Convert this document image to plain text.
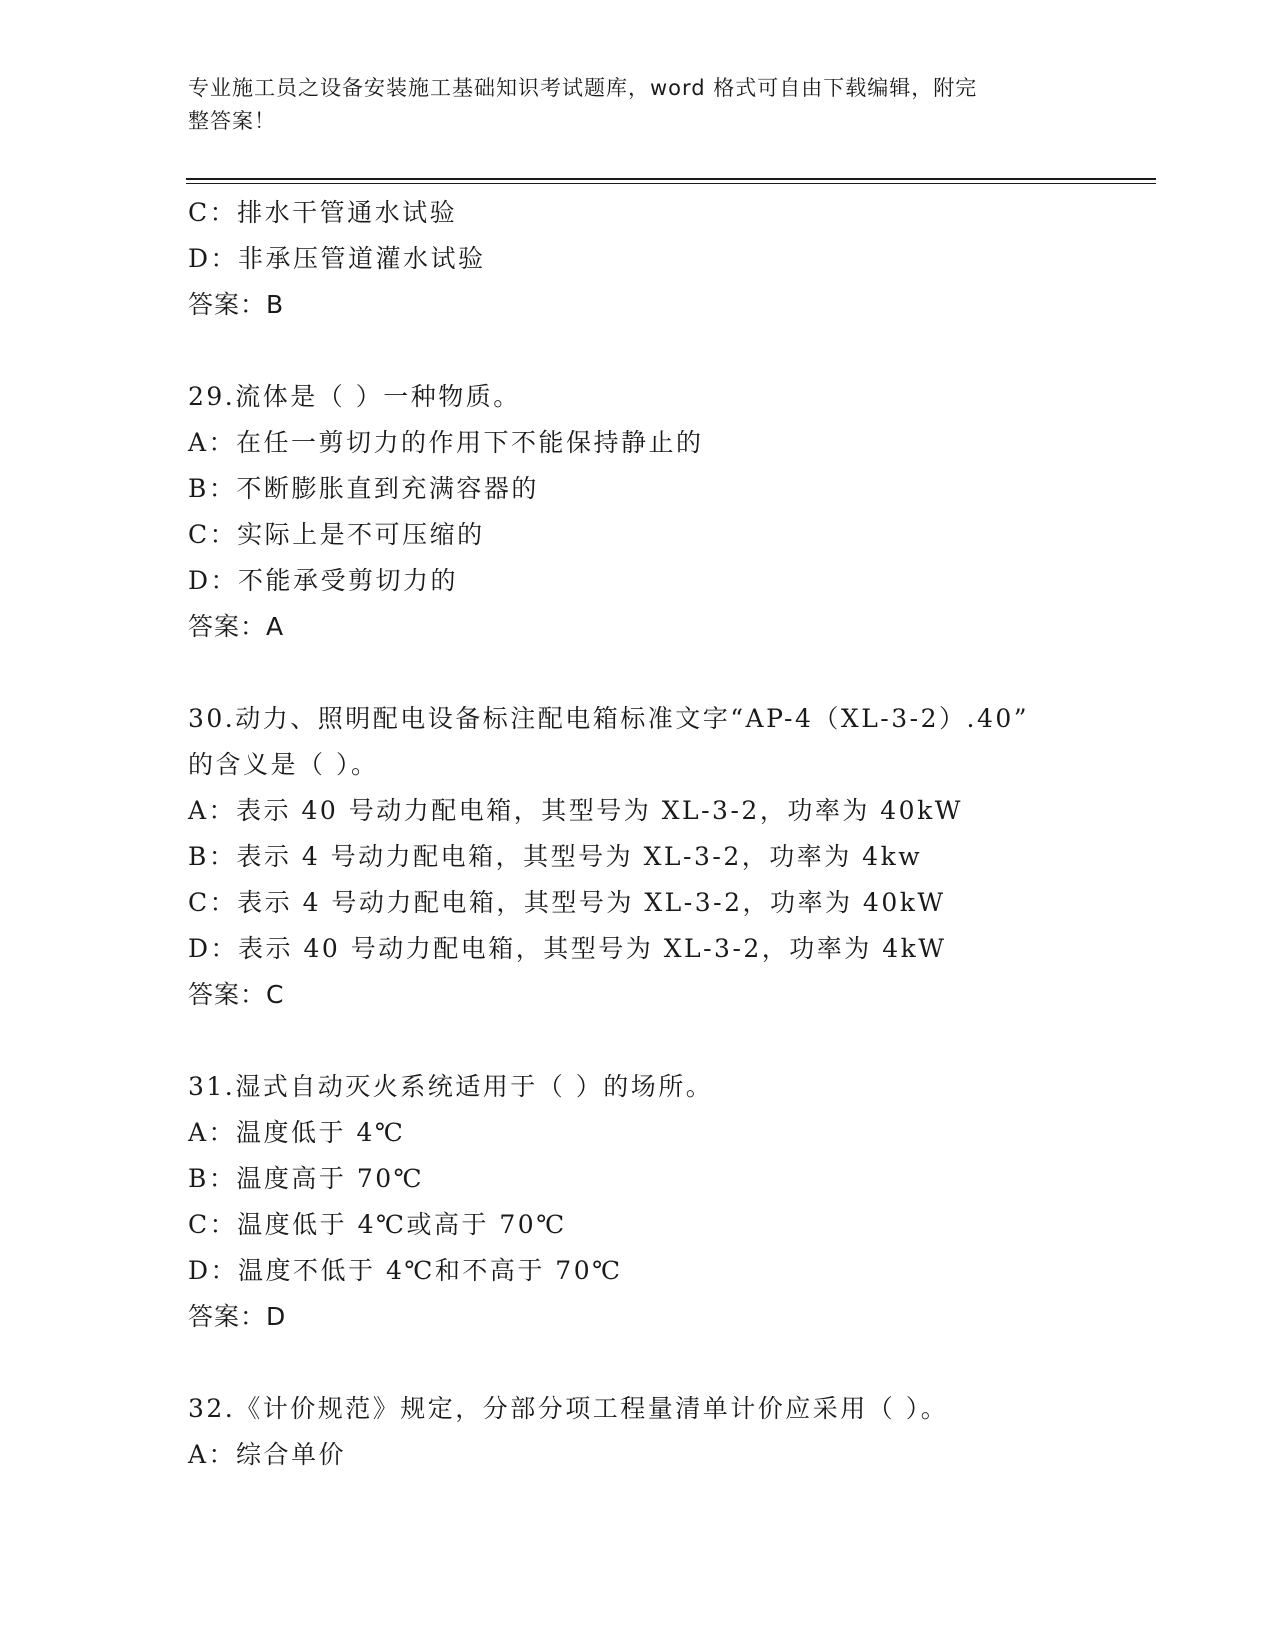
专业施工员之设备安装施工基础知识考试题库，word 格式可自由下载编辑，附完
整答案！
C：排水干管通水试验
D：非承压管道灌水试验
答案：B
29.流体是（ ）一种物质。
A：在任一剪切力的作用下不能保持静止的
B：不断膨胀直到充满容器的
C：实际上是不可压缩的
D：不能承受剪切力的
答案：A
30.动力、照明配电设备标注配电箱标准文字“AP-4（XL-3-2）.40”
的含义是（ ）。
A：表示 40 号动力配电箱，其型号为 XL-3-2，功率为 40kW
B：表示 4 号动力配电箱，其型号为 XL-3-2，功率为 4kw
C：表示 4 号动力配电箱，其型号为 XL-3-2，功率为 40kW
D：表示 40 号动力配电箱，其型号为 XL-3-2，功率为 4kW
答案：C
31.湿式自动灭火系统适用于（ ）的场所。
A：温度低于 4℃
B：温度高于 70℃
C：温度低于 4℃或高于 70℃
D：温度不低于 4℃和不高于 70℃
答案：D
32.《计价规范》规定，分部分项工程量清单计价应采用（ ）。
A：综合单价
